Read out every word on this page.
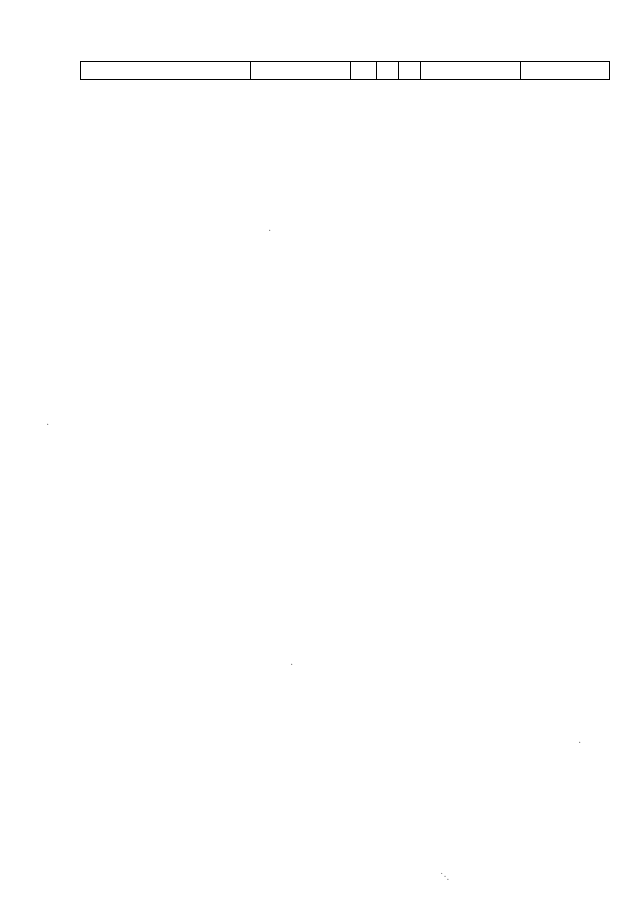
·
·
·
·
˙·.
